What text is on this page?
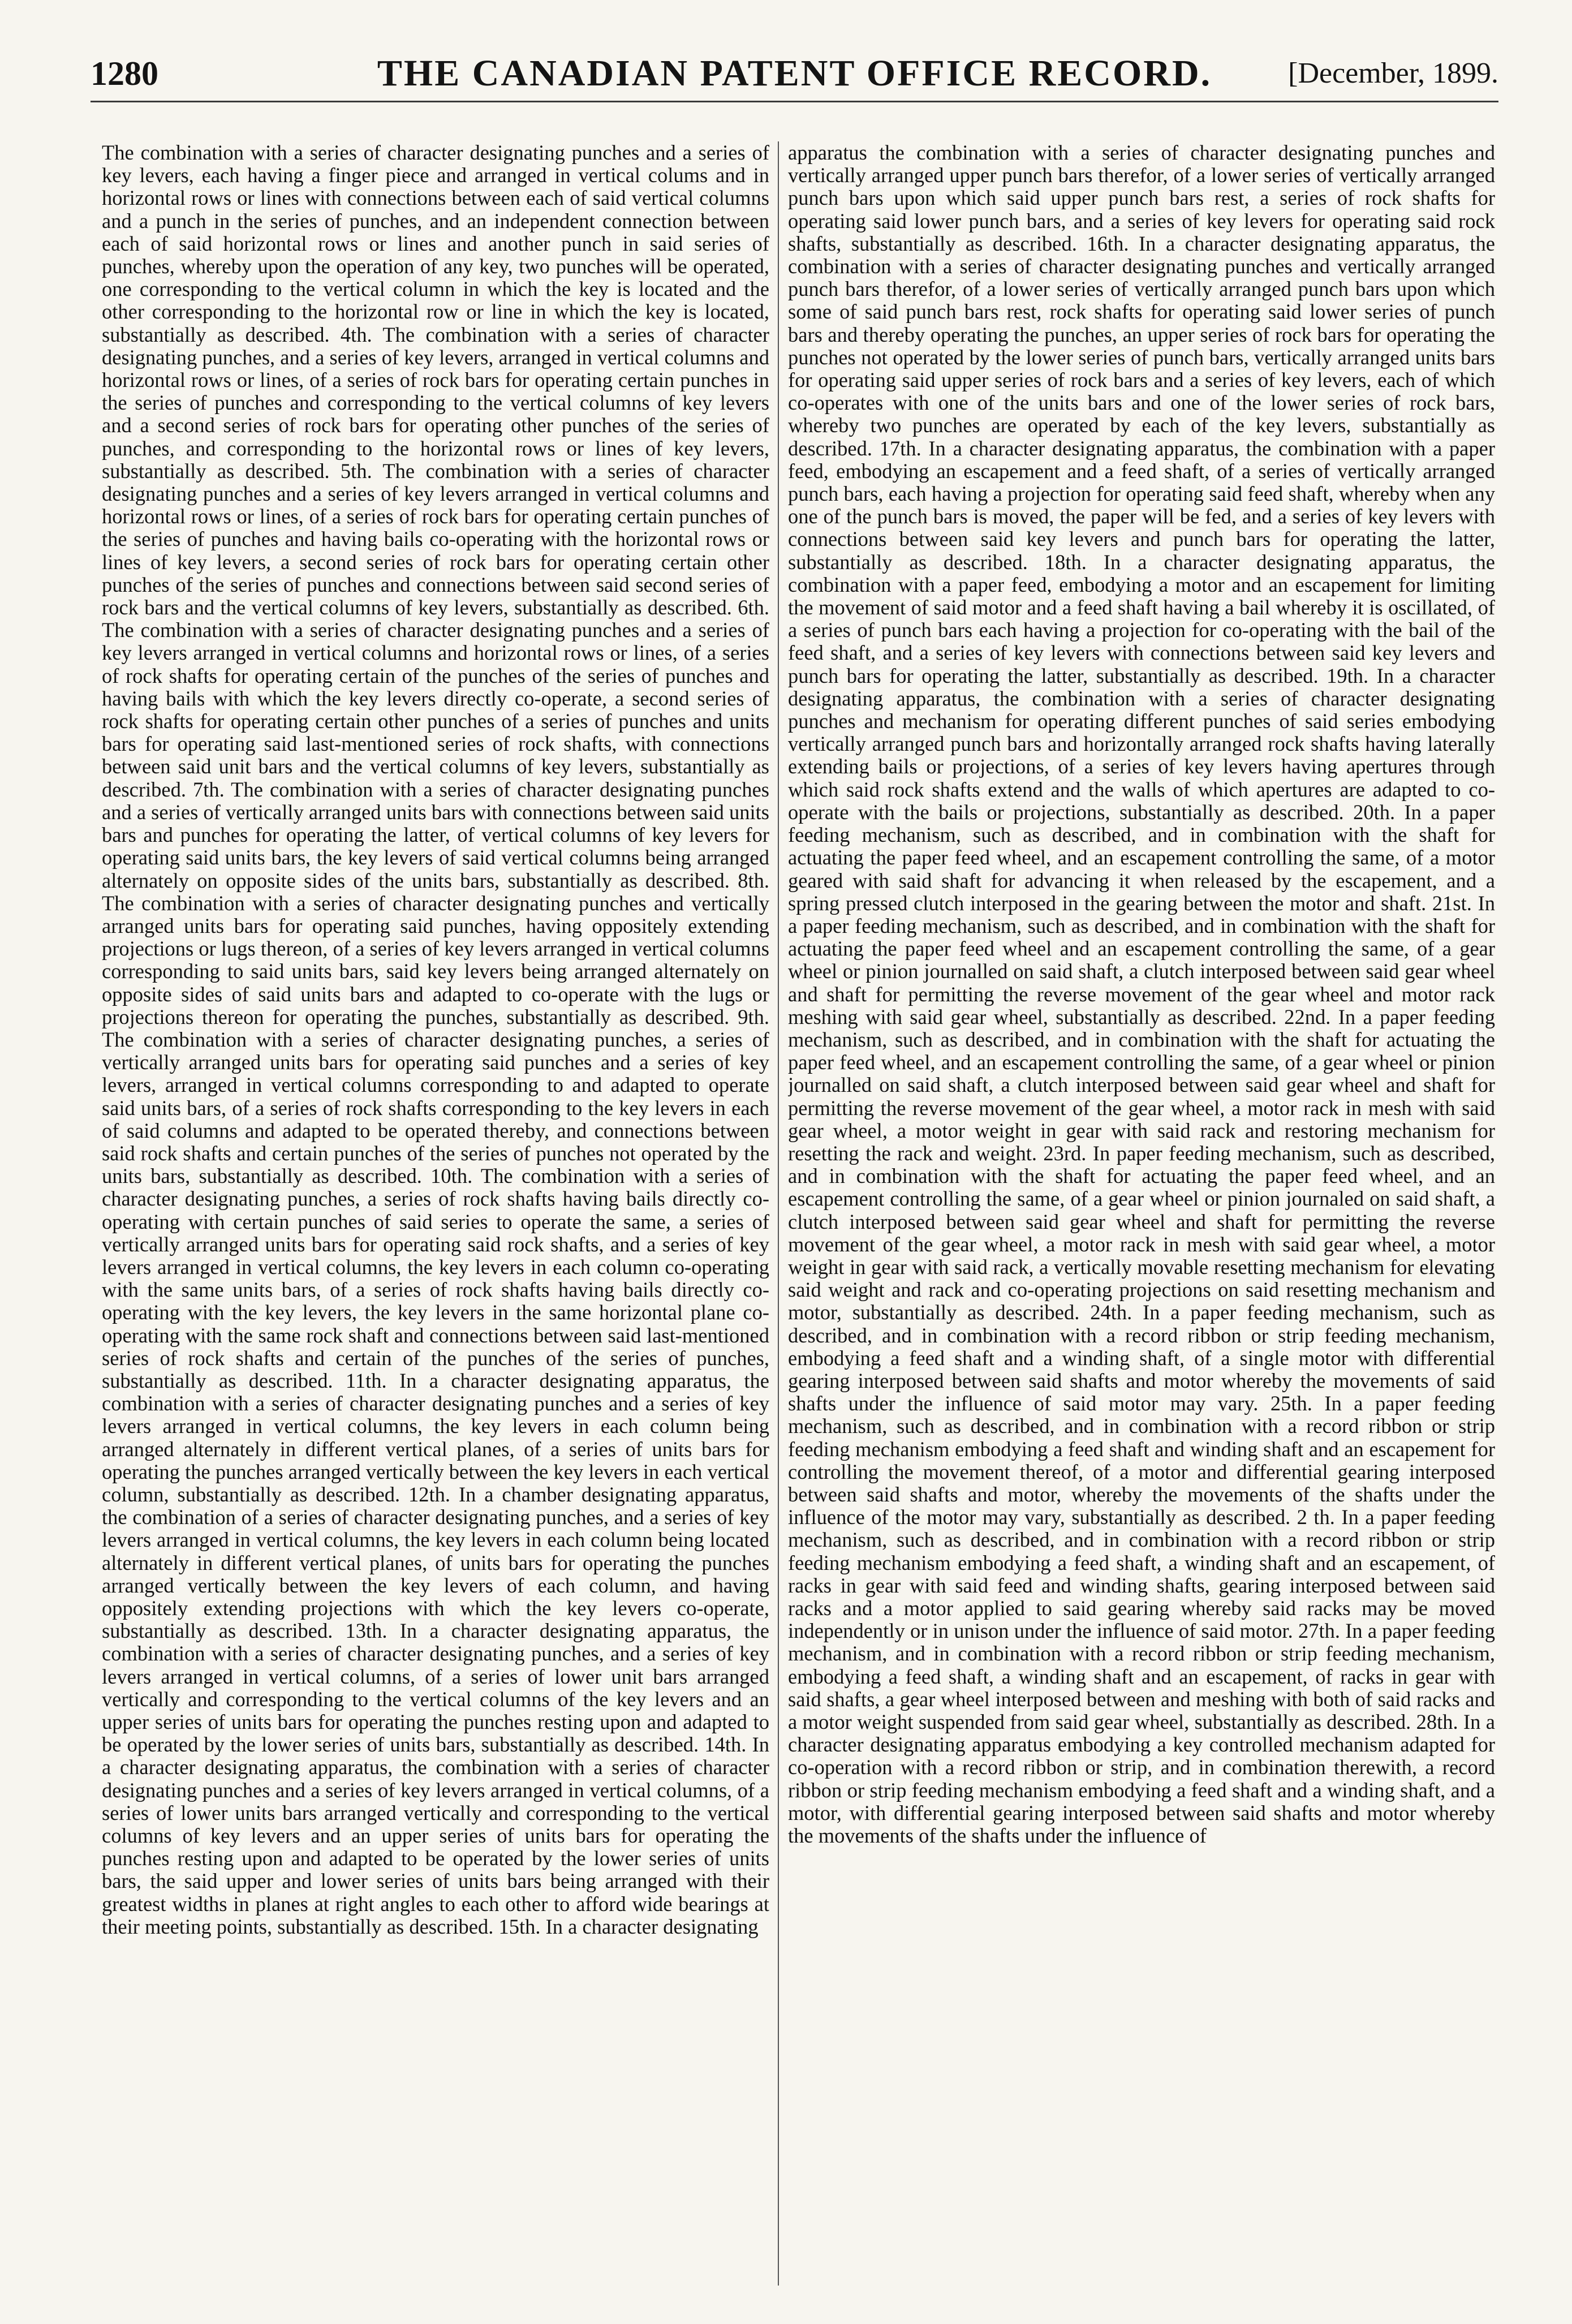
1280	THE CANADIAN PATENT OFFICE RECORD.	[December, 1899.
The combination with a series of character designating punches and a series of key levers, each having a finger piece and arranged in vertical colums and in horizontal rows or lines with connections between each of said vertical columns and a punch in the series of punches, and an independent connection between each of said horizontal rows or lines and another punch in said series of punches, whereby upon the operation of any key, two punches will be operated, one corresponding to the vertical column in which the key is located and the other corresponding to the horizontal row or line in which the key is located, substantially as described. 4th. The combination with a series of character designating punches, and a series of key levers, arranged in vertical columns and horizontal rows or lines, of a series of rock bars for operating certain punches in the series of punches and corresponding to the vertical columns of key levers and a second series of rock bars for operating other punches of the series of punches, and corresponding to the horizontal rows or lines of key levers, substantially as described. 5th. The combination with a series of character designating punches and a series of key levers arranged in vertical columns and horizontal rows or lines, of a series of rock bars for operating certain punches of the series of punches and having bails co-operating with the horizontal rows or lines of key levers, a second series of rock bars for operating certain other punches of the series of punches and connections between said second series of rock bars and the vertical columns of key levers, substantially as described. 6th. The combination with a series of character designating punches and a series of key levers arranged in vertical columns and horizontal rows or lines, of a series of rock shafts for operating certain of the punches of the series of punches and having bails with which the key levers directly co-operate, a second series of rock shafts for operating certain other punches of a series of punches and units bars for operating said last-mentioned series of rock shafts, with connections between said unit bars and the vertical columns of key levers, substantially as described. 7th. The combination with a series of character designating punches and a series of vertically arranged units bars with connections between said units bars and punches for operating the latter, of vertical columns of key levers for operating said units bars, the key levers of said vertical columns being arranged alternately on opposite sides of the units bars, substantially as described. 8th. The combination with a series of character designating punches and vertically arranged units bars for operating said punches, having oppositely extending projections or lugs thereon, of a series of key levers arranged in vertical columns corresponding to said units bars, said key levers being arranged alternately on opposite sides of said units bars and adapted to co-operate with the lugs or projections thereon for operating the punches, substantially as described. 9th. The combination with a series of character designating punches, a series of vertically arranged units bars for operating said punches and a series of key levers, arranged in vertical columns corresponding to and adapted to operate said units bars, of a series of rock shafts corresponding to the key levers in each of said columns and adapted to be operated thereby, and connections between said rock shafts and certain punches of the series of punches not operated by the units bars, substantially as described. 10th. The combination with a series of character designating punches, a series of rock shafts having bails directly co-operating with certain punches of said series to operate the same, a series of vertically arranged units bars for operating said rock shafts, and a series of key levers arranged in vertical columns, the key levers in each column co-operating with the same units bars, of a series of rock shafts having bails directly co-operating with the key levers, the key levers in the same horizontal plane co-operating with the same rock shaft and connections between said last-mentioned series of rock shafts and certain of the punches of the series of punches, substantially as described. 11th. In a character designating apparatus, the combination with a series of character designating punches and a series of key levers arranged in vertical columns, the key levers in each column being arranged alternately in different vertical planes, of a series of units bars for operating the punches arranged vertically between the key levers in each vertical column, substantially as described. 12th. In a chamber designating apparatus, the combination of a series of character designating punches, and a series of key levers arranged in vertical columns, the key levers in each column being located alternately in different vertical planes, of units bars for operating the punches arranged vertically between the key levers of each column, and having oppositely extending projections with which the key levers co-operate, substantially as described. 13th. In a character designating apparatus, the combination with a series of character designating punches, and a series of key levers arranged in vertical columns, of a series of lower unit bars arranged vertically and corresponding to the vertical columns of the key levers and an upper series of units bars for operating the punches resting upon and adapted to be operated by the lower series of units bars, substantially as described. 14th. In a character designating apparatus, the combination with a series of character designating punches and a series of key levers arranged in vertical columns, of a series of lower units bars arranged vertically and corresponding to the vertical columns of key levers and an upper series of units bars for operating the punches resting upon and adapted to be operated by the lower series of units bars, the said upper and lower series of units bars being arranged with their greatest widths in planes at right angles to each other to afford wide bearings at their meeting points, substantially as described. 15th. In a character designating
apparatus the combination with a series of character designating punches and vertically arranged upper punch bars therefor, of a lower series of vertically arranged punch bars upon which said upper punch bars rest, a series of rock shafts for operating said lower punch bars, and a series of key levers for operating said rock shafts, substantially as described. 16th. In a character designating apparatus, the combination with a series of character designating punches and vertically arranged punch bars therefor, of a lower series of vertically arranged punch bars upon which some of said punch bars rest, rock shafts for operating said lower series of punch bars and thereby operating the punches, an upper series of rock bars for operating the punches not operated by the lower series of punch bars, vertically arranged units bars for operating said upper series of rock bars and a series of key levers, each of which co-operates with one of the units bars and one of the lower series of rock bars, whereby two punches are operated by each of the key levers, substantially as described. 17th. In a character designating apparatus, the combination with a paper feed, embodying an escapement and a feed shaft, of a series of vertically arranged punch bars, each having a projection for operating said feed shaft, whereby when any one of the punch bars is moved, the paper will be fed, and a series of key levers with connections between said key levers and punch bars for operating the latter, substantially as described. 18th. In a character designating apparatus, the combination with a paper feed, embodying a motor and an escapement for limiting the movement of said motor and a feed shaft having a bail whereby it is oscillated, of a series of punch bars each having a projection for co-operating with the bail of the feed shaft, and a series of key levers with connections between said key levers and punch bars for operating the latter, substantially as described. 19th. In a character designating apparatus, the combination with a series of character designating punches and mechanism for operating different punches of said series embodying vertically arranged punch bars and horizontally arranged rock shafts having laterally extending bails or projections, of a series of key levers having apertures through which said rock shafts extend and the walls of which apertures are adapted to co-operate with the bails or projections, substantially as described. 20th. In a paper feeding mechanism, such as described, and in combination with the shaft for actuating the paper feed wheel, and an escapement controlling the same, of a motor geared with said shaft for advancing it when released by the escapement, and a spring pressed clutch interposed in the gearing between the motor and shaft. 21st. In a paper feeding mechanism, such as described, and in combination with the shaft for actuating the paper feed wheel and an escapement controlling the same, of a gear wheel or pinion journalled on said shaft, a clutch interposed between said gear wheel and shaft for permitting the reverse movement of the gear wheel and motor rack meshing with said gear wheel, substantially as described. 22nd. In a paper feeding mechanism, such as described, and in combination with the shaft for actuating the paper feed wheel, and an escapement controlling the same, of a gear wheel or pinion journalled on said shaft, a clutch interposed between said gear wheel and shaft for permitting the reverse movement of the gear wheel, a motor rack in mesh with said gear wheel, a motor weight in gear with said rack and restoring mechanism for resetting the rack and weight. 23rd. In paper feeding mechanism, such as described, and in combination with the shaft for actuating the paper feed wheel, and an escapement controlling the same, of a gear wheel or pinion journaled on said shaft, a clutch interposed between said gear wheel and shaft for permitting the reverse movement of the gear wheel, a motor rack in mesh with said gear wheel, a motor weight in gear with said rack, a vertically movable resetting mechanism for elevating said weight and rack and co-operating projections on said resetting mechanism and motor, substantially as described. 24th. In a paper feeding mechanism, such as described, and in combination with a record ribbon or strip feeding mechanism, embodying a feed shaft and a winding shaft, of a single motor with differential gearing interposed between said shafts and motor whereby the movements of said shafts under the influence of said motor may vary. 25th. In a paper feeding mechanism, such as described, and in combination with a record ribbon or strip feeding mechanism embodying a feed shaft and winding shaft and an escapement for controlling the movement thereof, of a motor and differential gearing interposed between said shafts and motor, whereby the movements of the shafts under the influence of the motor may vary, substantially as described. 2 th. In a paper feeding mechanism, such as described, and in combination with a record ribbon or strip feeding mechanism embodying a feed shaft, a winding shaft and an escapement, of racks in gear with said feed and winding shafts, gearing interposed between said racks and a motor applied to said gearing whereby said racks may be moved independently or in unison under the influence of said motor. 27th. In a paper feeding mechanism, and in combination with a record ribbon or strip feeding mechanism, embodying a feed shaft, a winding shaft and an escapement, of racks in gear with said shafts, a gear wheel interposed between and meshing with both of said racks and a motor weight suspended from said gear wheel, substantially as described. 28th. In a character designating apparatus embodying a key controlled mechanism adapted for co-operation with a record ribbon or strip, and in combination therewith, a record ribbon or strip feeding mechanism embodying a feed shaft and a winding shaft, and a motor, with differential gearing interposed between said shafts and motor whereby the movements of the shafts under the influence of
